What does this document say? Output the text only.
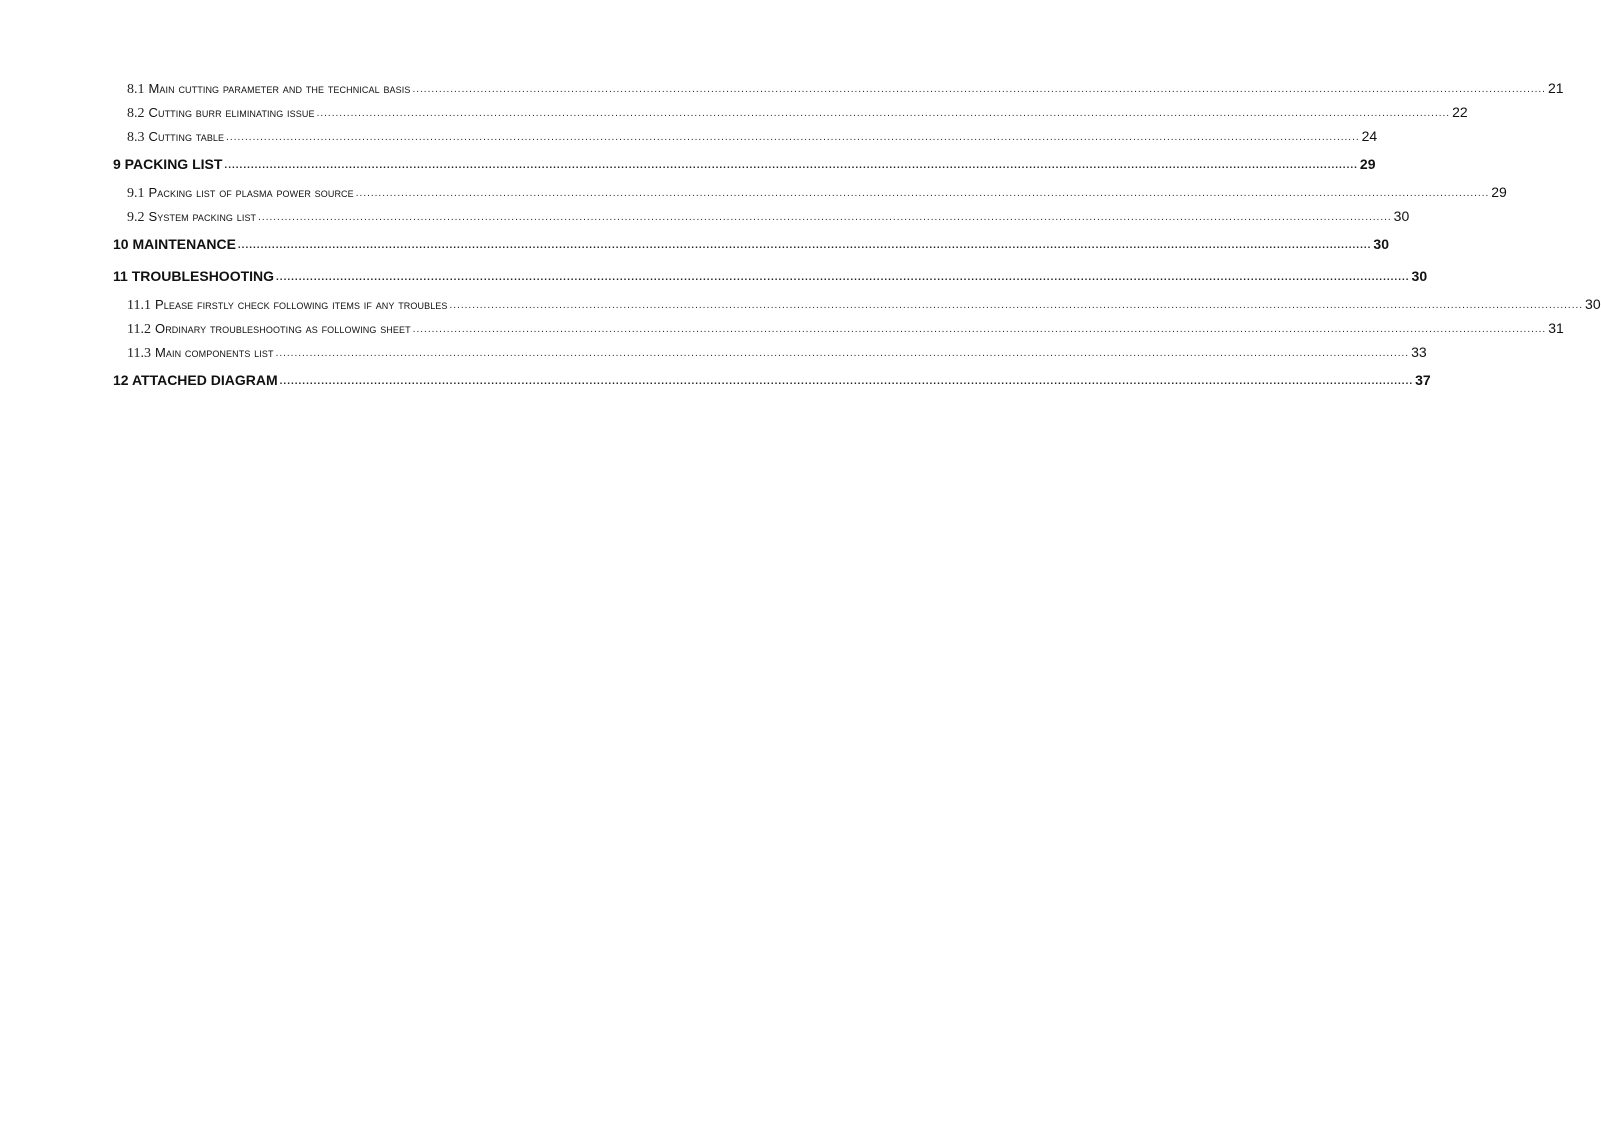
8.1 Main cutting parameter and the technical basis ............................................................................................................................................................................................................................................................................................................ 21
8.2 Cutting burr eliminating issue ............................................................................................................................................................................................................................................................................................................ 22
8.3 Cutting table ............................................................................................................................................................................................................................................................................................................ 24
9 PACKING LIST ............................................................................................................................................................................................................................................................................................................ 29
9.1 Packing list of plasma power source ............................................................................................................................................................................................................................................................................................................ 29
9.2 System packing list ............................................................................................................................................................................................................................................................................................................ 30
10 MAINTENANCE ............................................................................................................................................................................................................................................................................................................ 30
11 TROUBLESHOOTING ............................................................................................................................................................................................................................................................................................................ 30
11.1 Please firstly check following items if any troubles ............................................................................................................................................................................................................................................................................................................ 30
11.2 Ordinary troubleshooting as following sheet ............................................................................................................................................................................................................................................................................................................ 31
11.3 Main components list ............................................................................................................................................................................................................................................................................................................ 33
12 ATTACHED DIAGRAM ............................................................................................................................................................................................................................................................................................................ 37
